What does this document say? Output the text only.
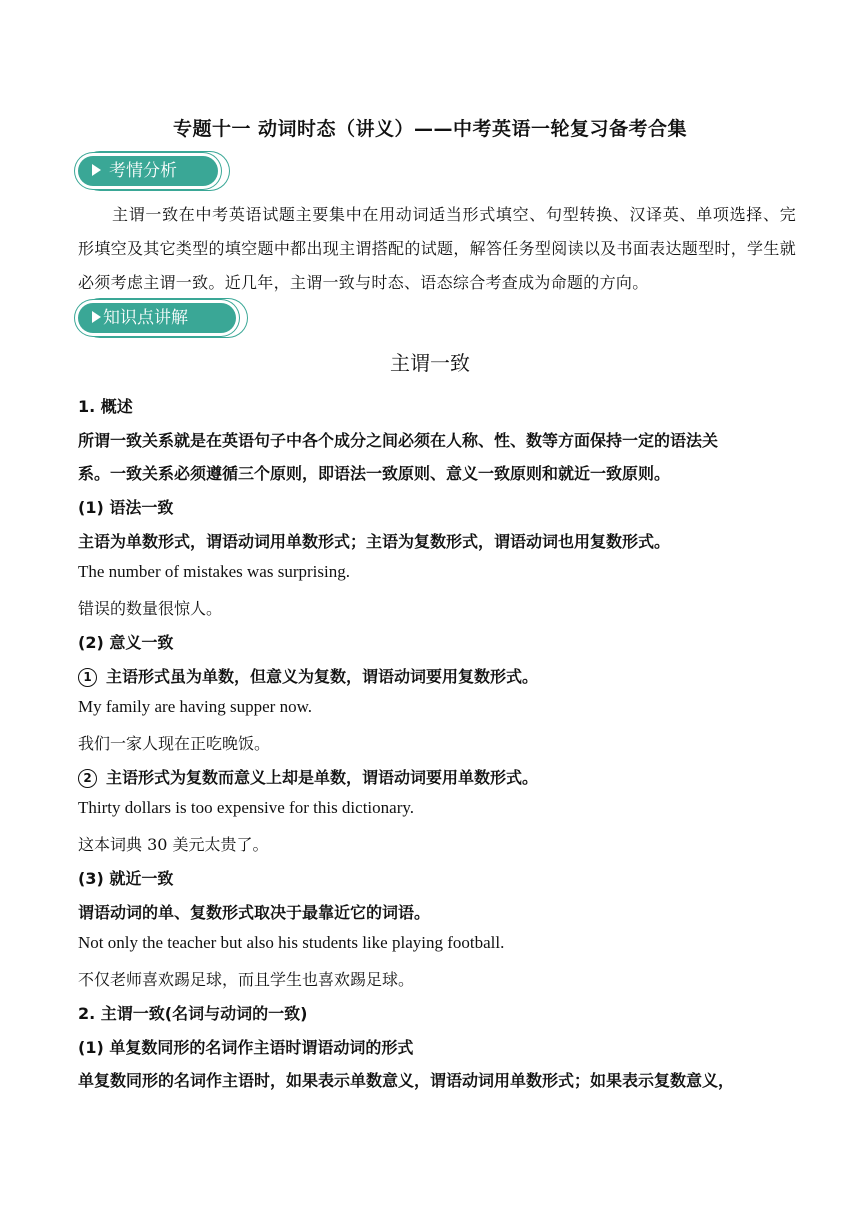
专题十一 动词时态（讲义）——中考英语一轮复习备考合集
考情分析
主谓一致在中考英语试题主要集中在用动词适当形式填空、句型转换、汉译英、单项选择、完形填空及其它类型的填空题中都出现主谓搭配的试题，解答任务型阅读以及书面表达题型时，学生就必须考虑主谓一致。近几年，主谓一致与时态、语态综合考查成为命题的方向。
知识点讲解
主谓一致
1. 概述
所谓一致关系就是在英语句子中各个成分之间必须在人称、性、数等方面保持一定的语法关
系。一致关系必须遵循三个原则，即语法一致原则、意义一致原则和就近一致原则。
(1) 语法一致
主语为单数形式，谓语动词用单数形式；主语为复数形式，谓语动词也用复数形式。
The number of mistakes was surprising.
错误的数量很惊人。
(2) 意义一致
1 主语形式虽为单数，但意义为复数，谓语动词要用复数形式。
My family are having supper now.
我们一家人现在正吃晚饭。
2 主语形式为复数而意义上却是单数，谓语动词要用单数形式。
Thirty dollars is too expensive for this dictionary.
这本词典 30 美元太贵了。
(3) 就近一致
谓语动词的单、复数形式取决于最靠近它的词语。
Not only the teacher but also his students like playing football.
不仅老师喜欢踢足球，而且学生也喜欢踢足球。
2. 主谓一致(名词与动词的一致)
(1) 单复数同形的名词作主语时谓语动词的形式
单复数同形的名词作主语时，如果表示单数意义，谓语动词用单数形式；如果表示复数意义，
